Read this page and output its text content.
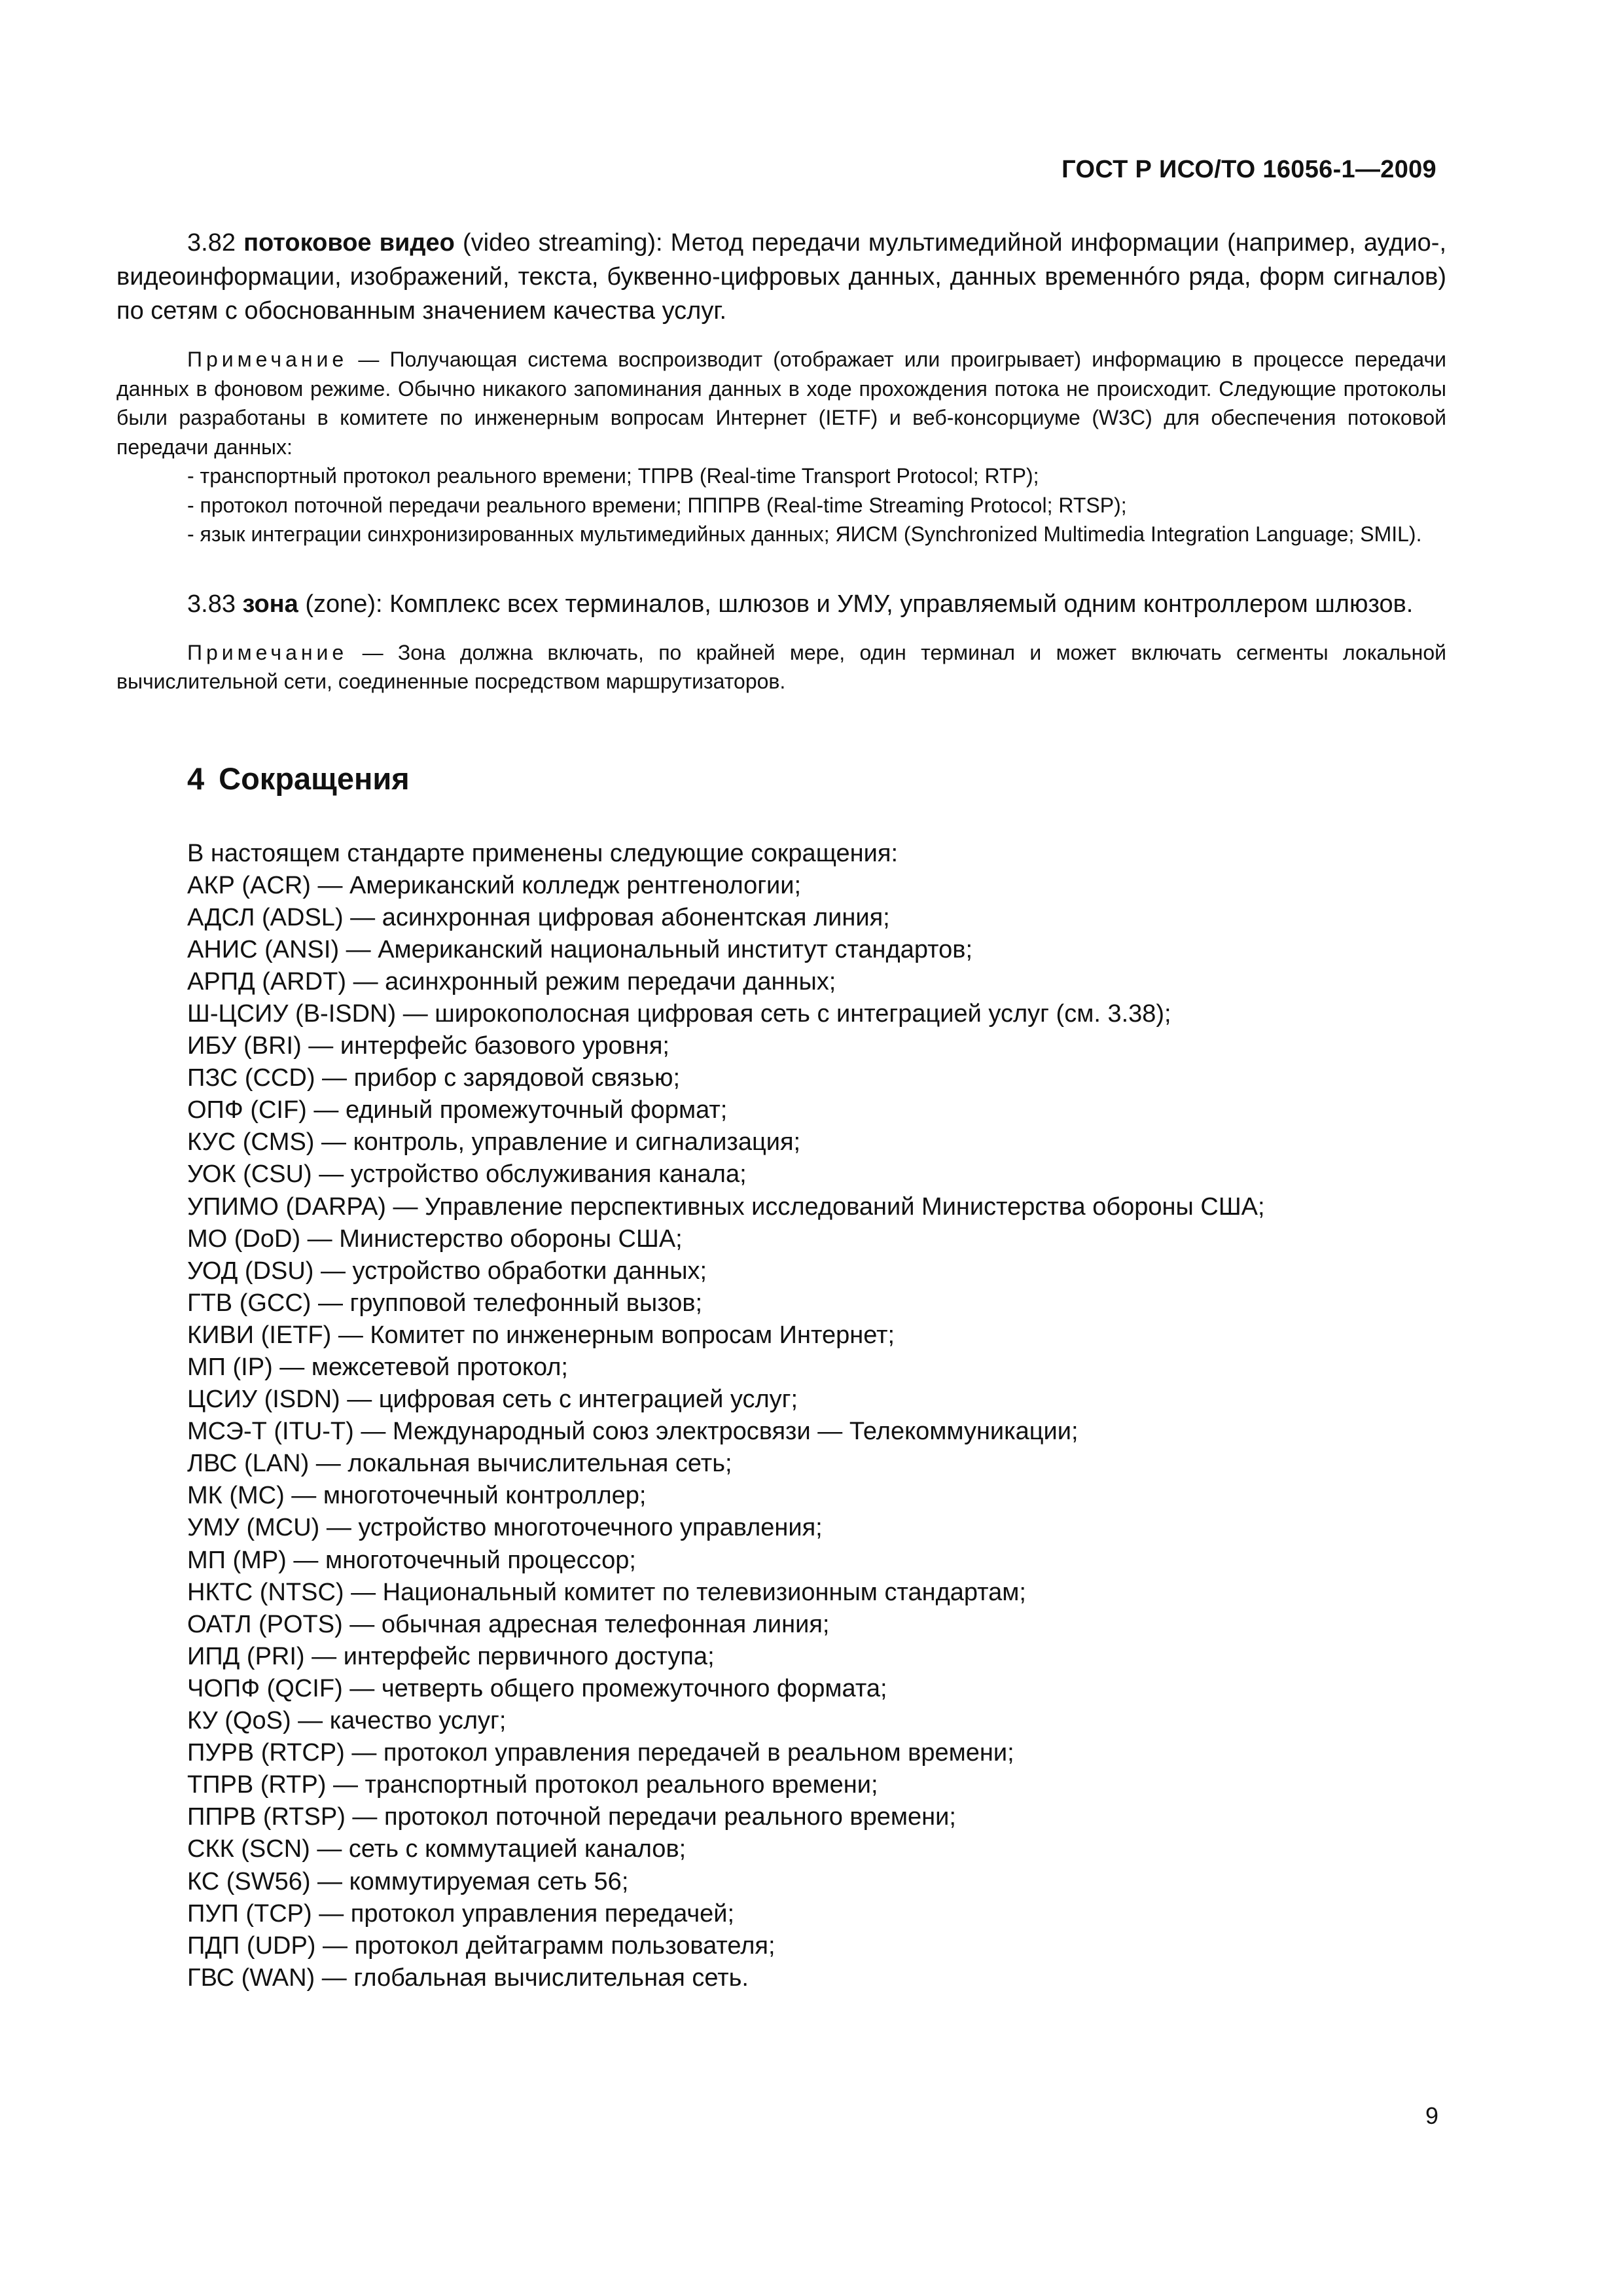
ГОСТ Р ИСО/ТО 16056-1—2009

3.82 потоковое видео (video streaming): Метод передачи мультимедийной информации (например, аудио-, видеоинформации, изображений, текста, буквенно-цифровых данных, данных временнóго ряда, форм сигналов) по сетям с обоснованным значением качества услуг.

Примечание — Получающая система воспроизводит (отображает или проигрывает) информацию в процессе передачи данных в фоновом режиме. Обычно никакого запоминания данных в ходе прохождения потока не происходит. Следующие протоколы были разработаны в комитете по инженерным вопросам Интернет (IETF) и веб-консорциуме (W3C) для обеспечения потоковой передачи данных:

- транспортный протокол реального времени; ТПРВ (Real-time Transport Protocol; RTP);

- протокол поточной передачи реального времени; ПППРВ (Real-time Streaming Protocol; RTSP);

- язык интеграции синхронизированных мультимедийных данных; ЯИСМ (Synchronized Multimedia Integration Language; SMIL).

3.83 зона (zone): Комплекс всех терминалов, шлюзов и УМУ, управляемый одним контроллером шлюзов.

Примечание — Зона должна включать, по крайней мере, один терминал и может включать сегменты локальной вычислительной сети, соединенные посредством маршрутизаторов.

4 Сокращения
В настоящем стандарте применены следующие сокращения:
АКР (ACR) — Американский колледж рентгенологии;
АДСЛ (ADSL) — асинхронная цифровая абонентская линия;
АНИС (ANSI) — Американский национальный институт стандартов;
АРПД (ARDT) — асинхронный режим передачи данных;
Ш-ЦСИУ (B-ISDN) — широкополосная цифровая сеть с интеграцией услуг (см. 3.38);
ИБУ (BRI) — интерфейс базового уровня;
ПЗС (CCD) — прибор с зарядовой связью;
ОПФ (CIF) — единый промежуточный формат;
КУС (CMS) — контроль, управление и сигнализация;
УОК (CSU) — устройство обслуживания канала;
УПИМО (DARPA) — Управление перспективных исследований Министерства обороны США;
МО (DoD) — Министерство обороны США;
УОД (DSU) — устройство обработки данных;
ГТВ (GCC) — групповой телефонный вызов;
КИВИ (IETF) — Комитет по инженерным вопросам Интернет;
МП (IP) — межсетевой протокол;
ЦСИУ (ISDN) — цифровая сеть с интеграцией услуг;
МСЭ-Т (ITU-T) — Международный союз электросвязи — Телекоммуникации;
ЛВС (LAN) — локальная вычислительная сеть;
МК (MC) — многоточечный контроллер;
УМУ (MCU) — устройство многоточечного управления;
МП (MP) — многоточечный процессор;
НКТС (NTSC) — Национальный комитет по телевизионным стандартам;
ОАТЛ (POTS) — обычная адресная телефонная линия;
ИПД (PRI) — интерфейс первичного доступа;
ЧОПФ (QCIF) — четверть общего промежуточного формата;
КУ (QoS) — качество услуг;
ПУРВ (RTCP) — протокол управления передачей в реальном времени;
ТПРВ (RTP) — транспортный протокол реального времени;
ППРВ (RTSP) — протокол поточной передачи реального времени;
СКК (SCN) — сеть с коммутацией каналов;
КС (SW56) — коммутируемая сеть 56;
ПУП (TCP) — протокол управления передачей;
ПДП (UDP) — протокол дейтаграмм пользователя;
ГВС (WAN) — глобальная вычислительная сеть.
9
